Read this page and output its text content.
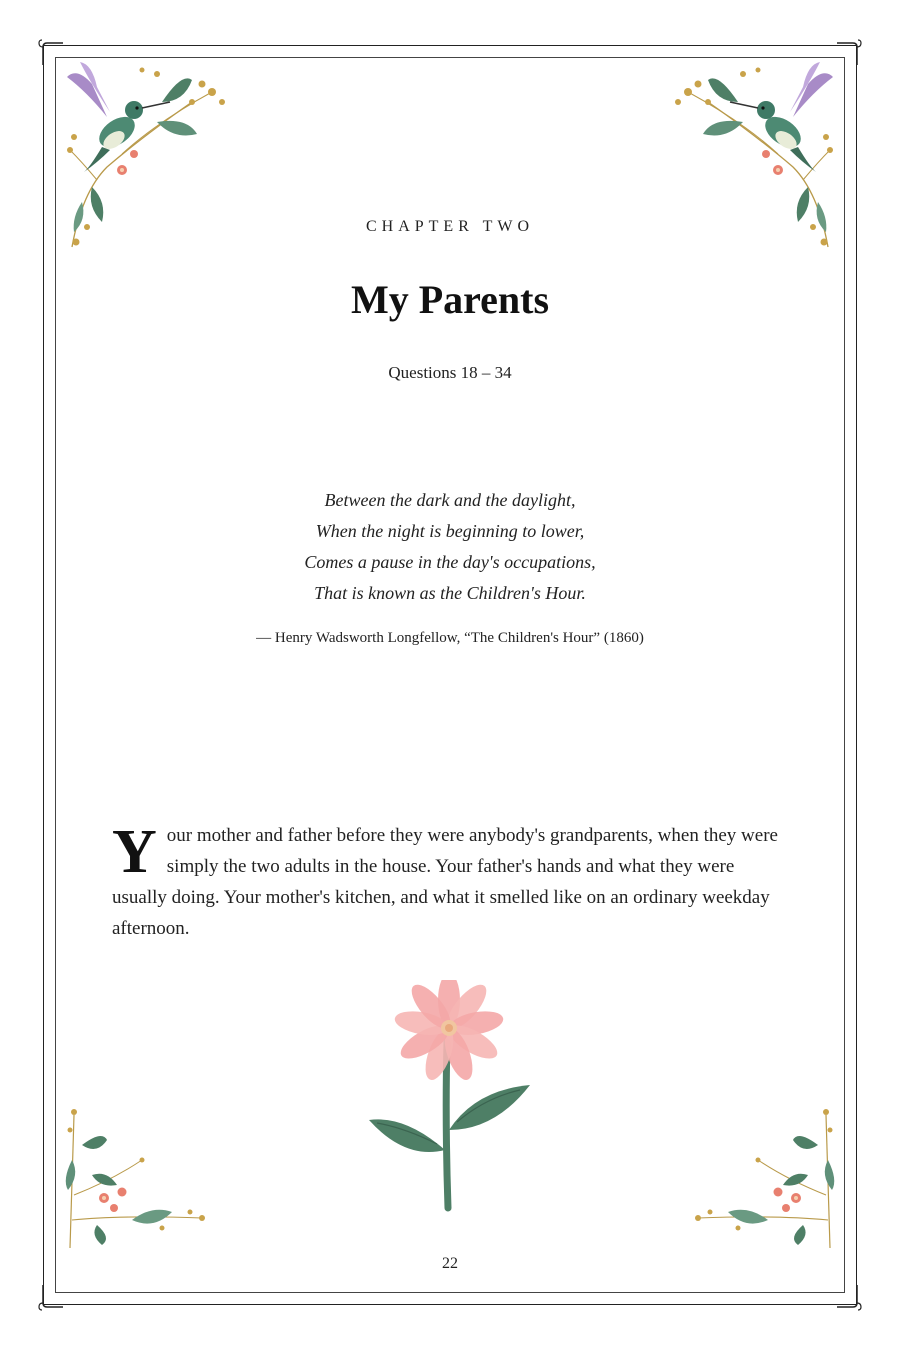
CHAPTER TWO
My Parents
Questions 18 – 34
Between the dark and the daylight,
When the night is beginning to lower,
Comes a pause in the day's occupations,
That is known as the Children's Hour.
— Henry Wadsworth Longfellow, “The Children's Hour” (1860)
Your mother and father before they were anybody's grandparents, when they were simply the two adults in the house. Your father's hands and what they were usually doing. Your mother's kitchen, and what it smelled like on an ordinary weekday afternoon.
22
